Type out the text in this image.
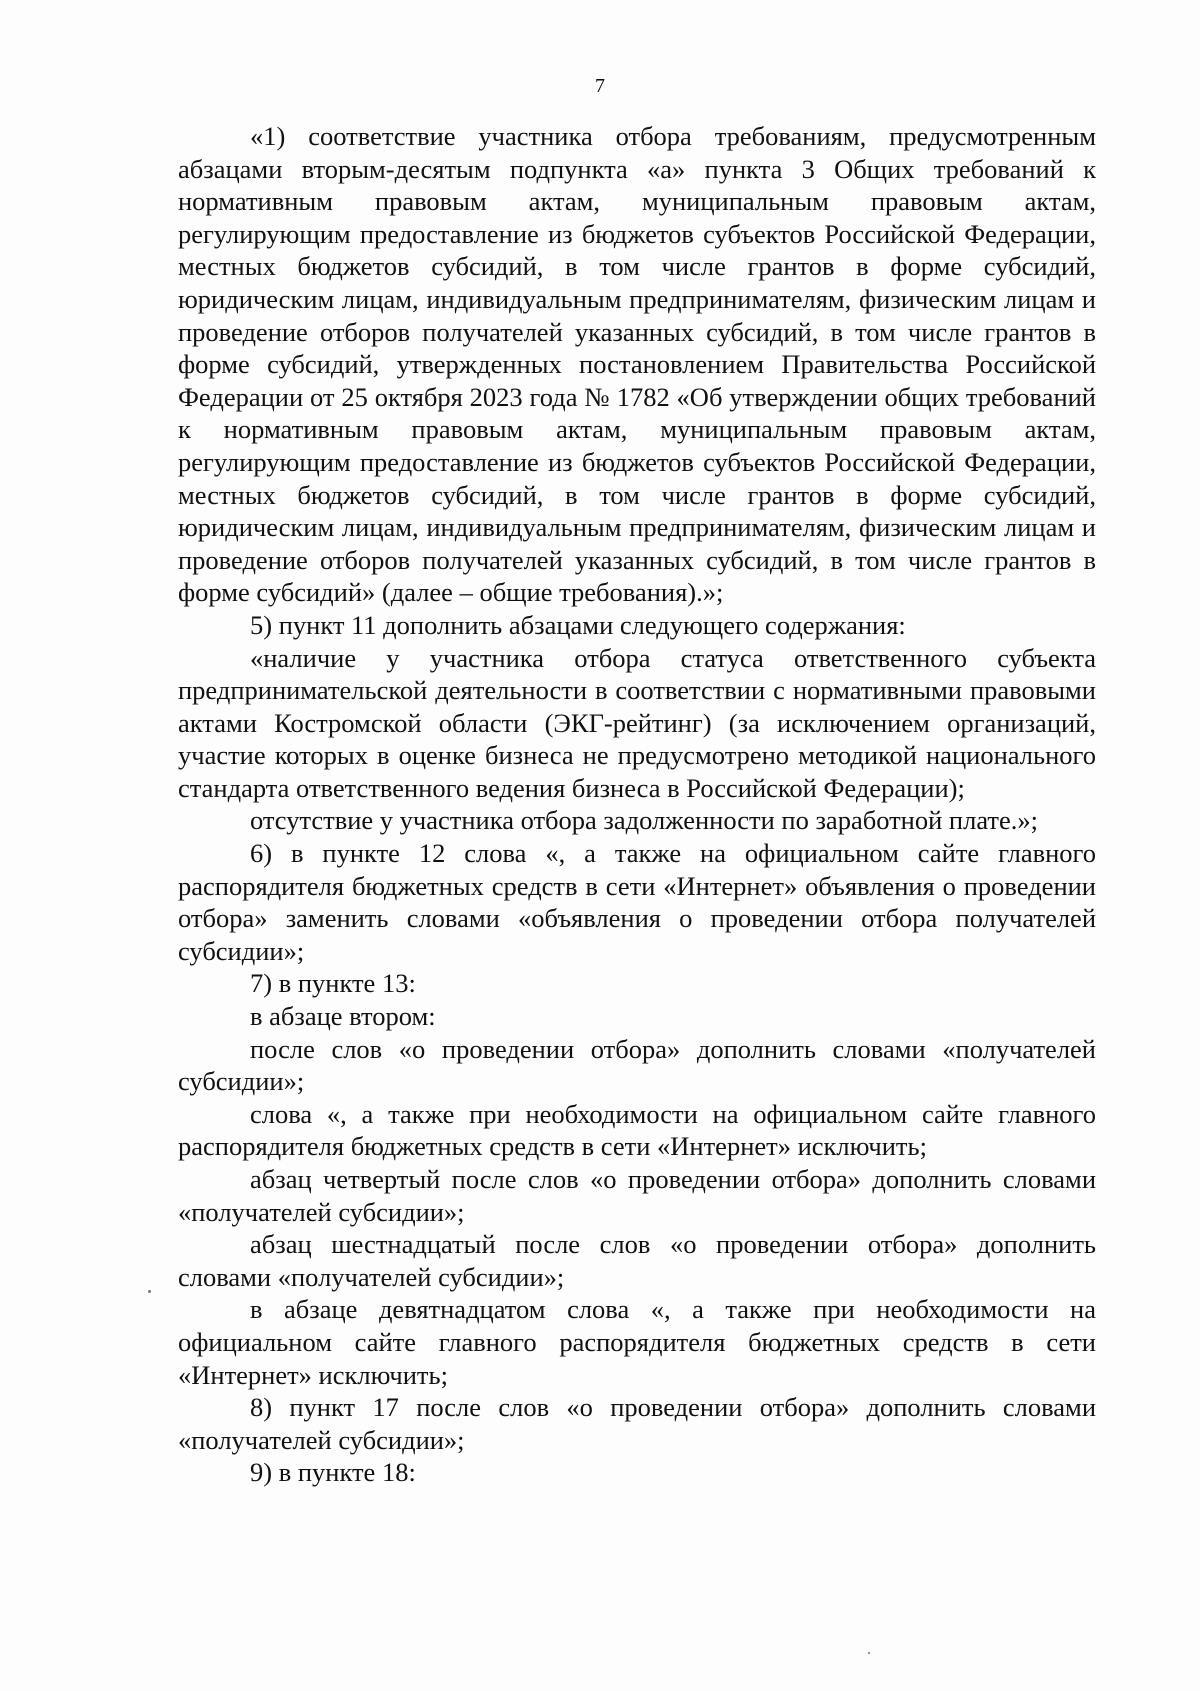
7

«1) соответствие участника отбора требованиям, предусмотренным абзацами вторым-десятым подпункта «а» пункта 3 Общих требований к нормативным правовым актам, муниципальным правовым актам, регулирующим предоставление из бюджетов субъектов Российской Федерации, местных бюджетов субсидий, в том числе грантов в форме субсидий, юридическим лицам, индивидуальным предпринимателям, физическим лицам и проведение отборов получателей указанных субсидий, в том числе грантов в форме субсидий, утвержденных постановлением Правительства Российской Федерации от 25 октября 2023 года № 1782 «Об утверждении общих требований к нормативным правовым актам, муниципальным правовым актам, регулирующим предоставление из бюджетов субъектов Российской Федерации, местных бюджетов субсидий, в том числе грантов в форме субсидий, юридическим лицам, индивидуальным предпринимателям, физическим лицам и проведение отборов получателей указанных субсидий, в том числе грантов в форме субсидий» (далее – общие требования).»;

5) пункт 11 дополнить абзацами следующего содержания:

«наличие у участника отбора статуса ответственного субъекта предпринимательской деятельности в соответствии с нормативными правовыми актами Костромской области (ЭКГ-рейтинг) (за исключением организаций, участие которых в оценке бизнеса не предусмотрено методикой национального стандарта ответственного ведения бизнеса в Российской Федерации);

отсутствие у участника отбора задолженности по заработной плате.»;

6) в пункте 12 слова «, а также на официальном сайте главного распорядителя бюджетных средств в сети «Интернет» объявления о проведении отбора» заменить словами «объявления о проведении отбора получателей субсидии»;

7) в пункте 13:

в абзаце втором:

после слов «о проведении отбора» дополнить словами «получателей субсидии»;

слова «, а также при необходимости на официальном сайте главного распорядителя бюджетных средств в сети «Интернет» исключить;

абзац четвертый после слов «о проведении отбора» дополнить словами «получателей субсидии»;

абзац шестнадцатый после слов «о проведении отбора» дополнить словами «получателей субсидии»;

в абзаце девятнадцатом слова «, а также при необходимости на официальном сайте главного распорядителя бюджетных средств в сети «Интернет» исключить;

8) пункт 17 после слов «о проведении отбора» дополнить словами «получателей субсидии»;

9) в пункте 18:
